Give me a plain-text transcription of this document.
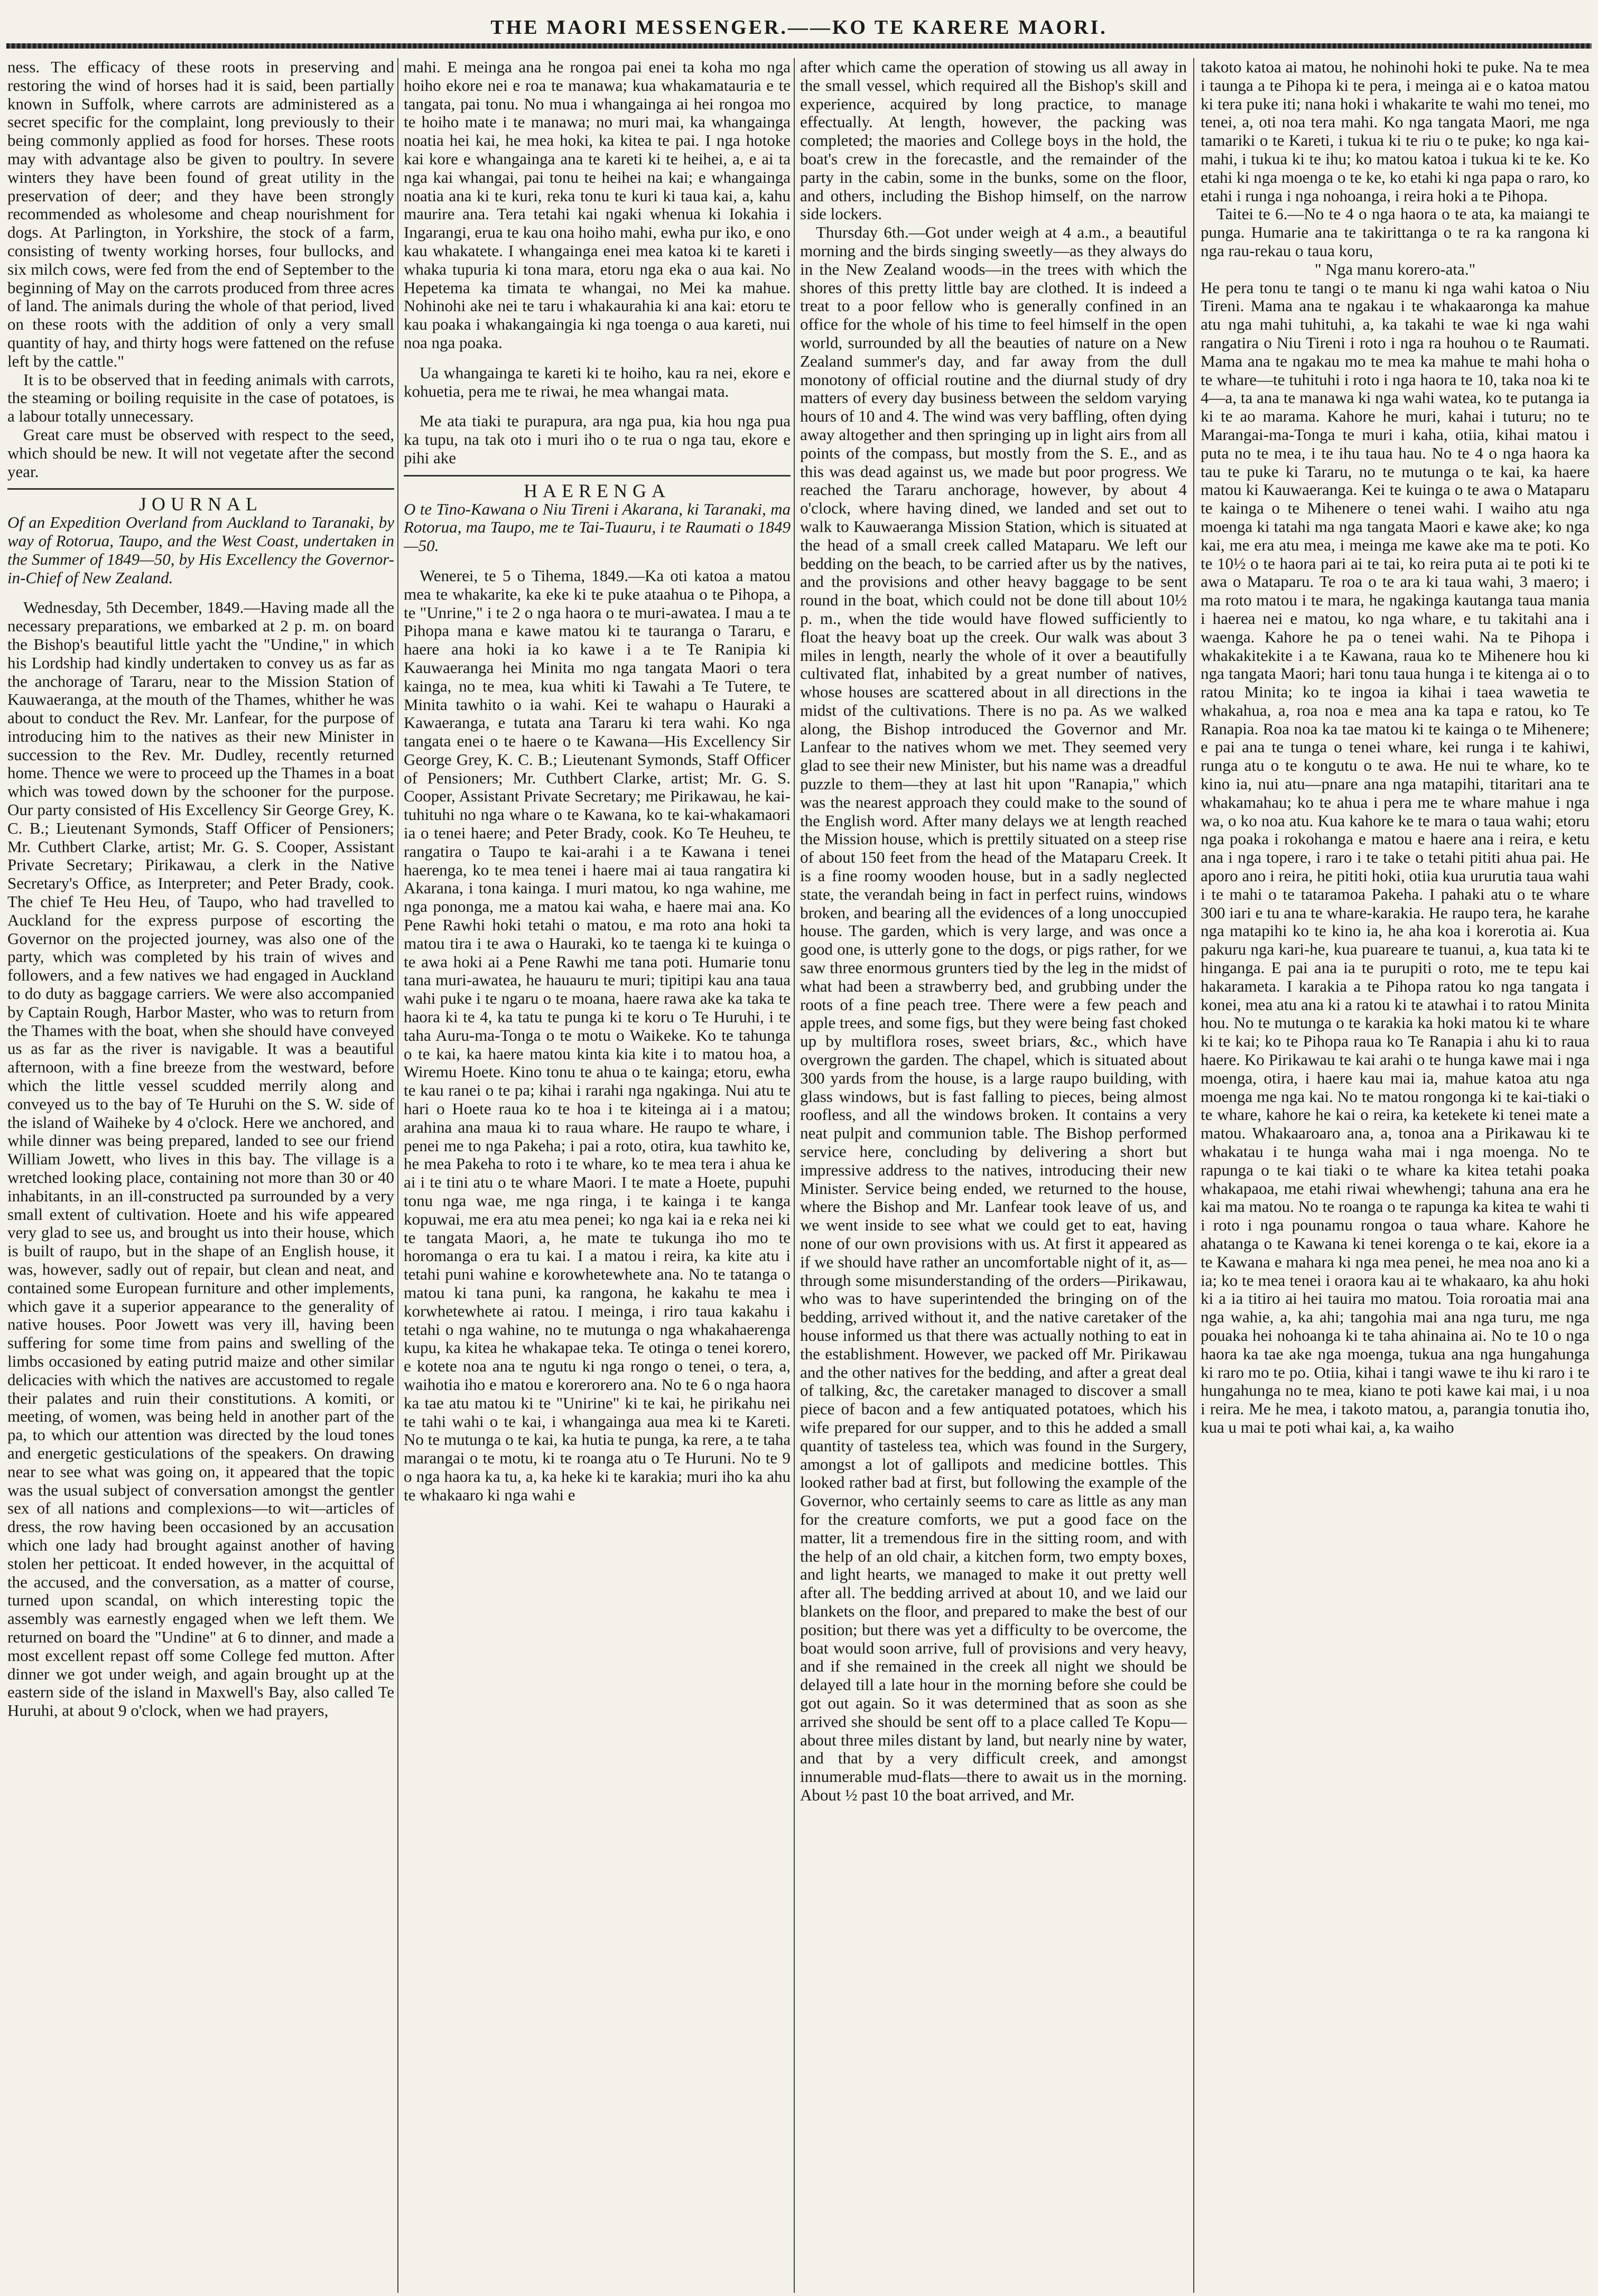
THE MAORI MESSENGER.——KO TE KARERE MAORI.

ness. The efficacy of these roots in preserving and restoring the wind of horses had it is said, been partially known in Suffolk, where carrots are administered as a secret specific for the complaint, long previously to their being commonly applied as food for horses. These roots may with advantage also be given to poultry. In severe winters they have been found of great utility in the preservation of deer; and they have been strongly recommended as wholesome and cheap nourishment for dogs. At Parlington, in Yorkshire, the stock of a farm, consisting of twenty working horses, four bullocks, and six milch cows, were fed from the end of September to the beginning of May on the carrots produced from three acres of land. The animals during the whole of that period, lived on these roots with the addition of only a very small quantity of hay, and thirty hogs were fattened on the refuse left by the cattle."

It is to be observed that in feeding animals with carrots, the steaming or boiling requisite in the case of potatoes, is a labour totally unnecessary.

Great care must be observed with respect to the seed, which should be new. It will not vegetate after the second year.

JOURNAL

Of an Expedition Overland from Auckland to Taranaki, by way of Rotorua, Taupo, and the West Coast, undertaken in the Summer of 1849—50, by His Excellency the Governor-in-Chief of New Zealand.

Wednesday, 5th December, 1849.—Having made all the necessary preparations, we embarked at 2 p. m. on board the Bishop's beautiful little yacht the "Undine," in which his Lordship had kindly undertaken to convey us as far as the anchorage of Tararu, near to the Mission Station of Kauwaeranga, at the mouth of the Thames, whither he was about to conduct the Rev. Mr. Lanfear, for the purpose of introducing him to the natives as their new Minister in succession to the Rev. Mr. Dudley, recently returned home. Thence we were to proceed up the Thames in a boat which was towed down by the schooner for the purpose. Our party consisted of His Excellency Sir George Grey, K. C. B.; Lieutenant Symonds, Staff Officer of Pensioners; Mr. Cuthbert Clarke, artist; Mr. G. S. Cooper, Assistant Private Secretary; Pirikawau, a clerk in the Native Secretary's Office, as Interpreter; and Peter Brady, cook. The chief Te Heu Heu, of Taupo, who had travelled to Auckland for the express purpose of escorting the Governor on the projected journey, was also one of the party, which was completed by his train of wives and followers, and a few natives we had engaged in Auckland to do duty as baggage carriers. We were also accompanied by Captain Rough, Harbor Master, who was to return from the Thames with the boat, when she should have conveyed us as far as the river is navigable. It was a beautiful afternoon, with a fine breeze from the westward, before which the little vessel scudded merrily along and conveyed us to the bay of Te Huruhi on the S. W. side of the island of Waiheke by 4 o'clock. Here we anchored, and while dinner was being prepared, landed to see our friend William Jowett, who lives in this bay. The village is a wretched looking place, containing not more than 30 or 40 inhabitants, in an ill-constructed pa surrounded by a very small extent of cultivation. Hoete and his wife appeared very glad to see us, and brought us into their house, which is built of raupo, but in the shape of an English house, it was, however, sadly out of repair, but clean and neat, and contained some European furniture and other implements, which gave it a superior appearance to the generality of native houses. Poor Jowett was very ill, having been suffering for some time from pains and swelling of the limbs occasioned by eating putrid maize and other similar delicacies with which the natives are accustomed to regale their palates and ruin their constitutions. A komiti, or meeting, of women, was being held in another part of the pa, to which our attention was directed by the loud tones and energetic gesticulations of the speakers. On drawing near to see what was going on, it appeared that the topic was the usual subject of conversation amongst the gentler sex of all nations and complexions—to wit—articles of dress, the row having been occasioned by an accusation which one lady had brought against another of having stolen her petticoat. It ended however, in the acquittal of the accused, and the conversation, as a matter of course, turned upon scandal, on which interesting topic the assembly was earnestly engaged when we left them. We returned on board the "Undine" at 6 to dinner, and made a most excellent repast off some College fed mutton. After dinner we got under weigh, and again brought up at the eastern side of the island in Maxwell's Bay, also called Te Huruhi, at about 9 o'clock, when we had prayers,

mahi. E meinga ana he rongoa pai enei ta koha mo nga hoiho ekore nei e roa te manawa; kua whakamatauria e te tangata, pai tonu. No mua i whangainga ai hei rongoa mo te hoiho mate i te manawa; no muri mai, ka whangainga noatia hei kai, he mea hoki, ka kitea te pai. I nga hotoke kai kore e whangainga ana te kareti ki te heihei, a, e ai ta nga kai whangai, pai tonu te heihei na kai; e whangainga noatia ana ki te kuri, reka tonu te kuri ki taua kai, a, kahu maurire ana. Tera tetahi kai ngaki whenua ki Iokahia i Ingarangi, erua te kau ona hoiho mahi, ewha pur iko, e ono kau whakatete. I whangainga enei mea katoa ki te kareti i whaka tupuria ki tona mara, etoru nga eka o aua kai. No Hepetema ka timata te whangai, no Mei ka mahue. Nohinohi ake nei te taru i whakaurahia ki ana kai: etoru te kau poaka i whakangaingia ki nga toenga o aua kareti, nui noa nga poaka.

Ua whangainga te kareti ki te hoiho, kau ra nei, ekore e kohuetia, pera me te riwai, he mea whangai mata.

Me ata tiaki te purapura, ara nga pua, kia hou nga pua ka tupu, na tak oto i muri iho o te rua o nga tau, ekore e pihi ake

HAERENGA

O te Tino-Kawana o Niu Tireni i Akarana, ki Taranaki, ma Rotorua, ma Taupo, me te Tai-Tuauru, i te Raumati o 1849—50.

Wenerei, te 5 o Tihema, 1849.—Ka oti katoa a matou mea te whakarite, ka eke ki te puke ataahua o te Pihopa, a te "Unrine," i te 2 o nga haora o te muri-awatea. I mau a te Pihopa mana e kawe matou ki te tauranga o Tararu, e haere ana hoki ia ko kawe i a te Te Ranipia ki Kauwaeranga hei Minita mo nga tangata Maori o tera kainga, no te mea, kua whiti ki Tawahi a Te Tutere, te Minita tawhito o ia wahi. Kei te wahapu o Hauraki a Kawaeranga, e tutata ana Tararu ki tera wahi. Ko nga tangata enei o te haere o te Kawana—His Excellency Sir George Grey, K. C. B.; Lieutenant Symonds, Staff Officer of Pensioners; Mr. Cuthbert Clarke, artist; Mr. G. S. Cooper, Assistant Private Secretary; me Pirikawau, he kai-tuhituhi no nga whare o te Kawana, ko te kai-whakamaori ia o tenei haere; and Peter Brady, cook. Ko Te Heuheu, te rangatira o Taupo te kai-arahi i a te Kawana i tenei haerenga, ko te mea tenei i haere mai ai taua rangatira ki Akarana, i tona kainga. I muri matou, ko nga wahine, me nga pononga, me a matou kai waha, e haere mai ana. Ko Pene Rawhi hoki tetahi o matou, e ma roto ana hoki ta matou tira i te awa o Hauraki, ko te taenga ki te kuinga o te awa hoki ai a Pene Rawhi me tana poti. Humarie tonu tana muri-awatea, he hauauru te muri; tipitipi kau ana taua wahi puke i te ngaru o te moana, haere rawa ake ka taka te haora ki te 4, ka tatu te punga ki te koru o Te Huruhi, i te taha Auru-ma-Tonga o te motu o Waikeke. Ko te tahunga o te kai, ka haere matou kinta kia kite i to matou hoa, a Wiremu Hoete. Kino tonu te ahua o te kainga; etoru, ewha te kau ranei o te pa; kihai i rarahi nga ngakinga. Nui atu te hari o Hoete raua ko te hoa i te kiteinga ai i a matou; arahina ana maua ki to raua whare. He raupo te whare, i penei me to nga Pakeha; i pai a roto, otira, kua tawhito ke, he mea Pakeha to roto i te whare, ko te mea tera i ahua ke ai i te tini atu o te whare Maori. I te mate a Hoete, pupuhi tonu nga wae, me nga ringa, i te kainga i te kanga kopuwai, me era atu mea penei; ko nga kai ia e reka nei ki te tangata Maori, a, he mate te tukunga iho mo te horomanga o era tu kai. I a matou i reira, ka kite atu i tetahi puni wahine e korowhetewhete ana. No te tatanga o matou ki tana puni, ka rangona, he kakahu te mea i korwhetewhete ai ratou. I meinga, i riro taua kakahu i tetahi o nga wahine, no te mutunga o nga whakahaerenga kupu, ka kitea he whakapae teka. Te otinga o tenei korero, e kotete noa ana te ngutu ki nga rongo o tenei, o tera, a, waihotia iho e matou e korerorero ana. No te 6 o nga haora ka tae atu matou ki te "Unirine" ki te kai, he pirikahu nei te tahi wahi o te kai, i whangainga aua mea ki te Kareti. No te mutunga o te kai, ka hutia te punga, ka rere, a te taha marangai o te motu, ki te roanga atu o Te Huruni. No te 9 o nga haora ka tu, a, ka heke ki te karakia; muri iho ka ahu te whakaaro ki nga wahi e

after which came the operation of stowing us all away in the small vessel, which required all the Bishop's skill and experience, acquired by long practice, to manage effectually. At length, however, the packing was completed; the maories and College boys in the hold, the boat's crew in the forecastle, and the remainder of the party in the cabin, some in the bunks, some on the floor, and others, including the Bishop himself, on the narrow side lockers.

Thursday 6th.—Got under weigh at 4 a.m., a beautiful morning and the birds singing sweetly—as they always do in the New Zealand woods—in the trees with which the shores of this pretty little bay are clothed. It is indeed a treat to a poor fellow who is generally confined in an office for the whole of his time to feel himself in the open world, surrounded by all the beauties of nature on a New Zealand summer's day, and far away from the dull monotony of official routine and the diurnal study of dry matters of every day business between the seldom varying hours of 10 and 4. The wind was very baffling, often dying away altogether and then springing up in light airs from all points of the compass, but mostly from the S. E., and as this was dead against us, we made but poor progress. We reached the Tararu anchorage, however, by about 4 o'clock, where having dined, we landed and set out to walk to Kauwaeranga Mission Station, which is situated at the head of a small creek called Mataparu. We left our bedding on the beach, to be carried after us by the natives, and the provisions and other heavy baggage to be sent round in the boat, which could not be done till about 10½ p. m., when the tide would have flowed sufficiently to float the heavy boat up the creek. Our walk was about 3 miles in length, nearly the whole of it over a beautifully cultivated flat, inhabited by a great number of natives, whose houses are scattered about in all directions in the midst of the cultivations. There is no pa. As we walked along, the Bishop introduced the Governor and Mr. Lanfear to the natives whom we met. They seemed very glad to see their new Minister, but his name was a dreadful puzzle to them—they at last hit upon "Ranapia," which was the nearest approach they could make to the sound of the English word. After many delays we at length reached the Mission house, which is prettily situated on a steep rise of about 150 feet from the head of the Mataparu Creek. It is a fine roomy wooden house, but in a sadly neglected state, the verandah being in fact in perfect ruins, windows broken, and bearing all the evidences of a long unoccupied house. The garden, which is very large, and was once a good one, is utterly gone to the dogs, or pigs rather, for we saw three enormous grunters tied by the leg in the midst of what had been a strawberry bed, and grubbing under the roots of a fine peach tree. There were a few peach and apple trees, and some figs, but they were being fast choked up by multiflora roses, sweet briars, &c., which have overgrown the garden. The chapel, which is situated about 300 yards from the house, is a large raupo building, with glass windows, but is fast falling to pieces, being almost roofless, and all the windows broken. It contains a very neat pulpit and communion table. The Bishop performed service here, concluding by delivering a short but impressive address to the natives, introducing their new Minister. Service being ended, we returned to the house, where the Bishop and Mr. Lanfear took leave of us, and we went inside to see what we could get to eat, having none of our own provisions with us. At first it appeared as if we should have rather an uncomfortable night of it, as—through some misunderstanding of the orders—Pirikawau, who was to have superintended the bringing on of the bedding, arrived without it, and the native caretaker of the house informed us that there was actually nothing to eat in the establishment. However, we packed off Mr. Pirikawau and the other natives for the bedding, and after a great deal of talking, &c, the caretaker managed to discover a small piece of bacon and a few antiquated potatoes, which his wife prepared for our supper, and to this he added a small quantity of tasteless tea, which was found in the Surgery, amongst a lot of gallipots and medicine bottles. This looked rather bad at first, but following the example of the Governor, who certainly seems to care as little as any man for the creature comforts, we put a good face on the matter, lit a tremendous fire in the sitting room, and with the help of an old chair, a kitchen form, two empty boxes, and light hearts, we managed to make it out pretty well after all. The bedding arrived at about 10, and we laid our blankets on the floor, and prepared to make the best of our position; but there was yet a difficulty to be overcome, the boat would soon arrive, full of provisions and very heavy, and if she remained in the creek all night we should be delayed till a late hour in the morning before she could be got out again. So it was determined that as soon as she arrived she should be sent off to a place called Te Kopu—about three miles distant by land, but nearly nine by water, and that by a very difficult creek, and amongst innumerable mud-flats—there to await us in the morning. About ½ past 10 the boat arrived, and Mr.

takoto katoa ai matou, he nohinohi hoki te puke. Na te mea i taunga a te Pihopa ki te pera, i meinga ai e o katoa matou ki tera puke iti; nana hoki i whakarite te wahi mo tenei, mo tenei, a, oti noa tera mahi. Ko nga tangata Maori, me nga tamariki o te Kareti, i tukua ki te riu o te puke; ko nga kai-mahi, i tukua ki te ihu; ko matou katoa i tukua ki te ke. Ko etahi ki nga moenga o te ke, ko etahi ki nga papa o raro, ko etahi i runga i nga nohoanga, i reira hoki a te Pihopa.

Taitei te 6.—No te 4 o nga haora o te ata, ka maiangi te punga. Humarie ana te takirittanga o te ra ka rangona ki nga rau-rekau o taua koru,

" Nga manu korero-ata."

He pera tonu te tangi o te manu ki nga wahi katoa o Niu Tireni. Mama ana te ngakau i te whakaaronga ka mahue atu nga mahi tuhituhi, a, ka takahi te wae ki nga wahi rangatira o Niu Tireni i roto i nga ra houhou o te Raumati. Mama ana te ngakau mo te mea ka mahue te mahi hoha o te whare—te tuhituhi i roto i nga haora te 10, taka noa ki te 4—a, ta ana te manawa ki nga wahi watea, ko te putanga ia ki te ao marama. Kahore he muri, kahai i tuturu; no te Marangai-ma-Tonga te muri i kaha, otiia, kihai matou i puta no te mea, i te ihu taua hau. No te 4 o nga haora ka tau te puke ki Tararu, no te mutunga o te kai, ka haere matou ki Kauwaeranga. Kei te kuinga o te awa o Mataparu te kainga o te Mihenere o tenei wahi. I waiho atu nga moenga ki tatahi ma nga tangata Maori e kawe ake; ko nga kai, me era atu mea, i meinga me kawe ake ma te poti. Ko te 10½ o te haora pari ai te tai, ko reira puta ai te poti ki te awa o Mataparu. Te roa o te ara ki taua wahi, 3 maero; i ma roto matou i te mara, he ngakinga kautanga taua mania i haerea nei e matou, ko nga whare, e tu takitahi ana i waenga. Kahore he pa o tenei wahi. Na te Pihopa i whakakitekite i a te Kawana, raua ko te Mihenere hou ki nga tangata Maori; hari tonu taua hunga i te kitenga ai o to ratou Minita; ko te ingoa ia kihai i taea wawetia te whakahua, a, roa noa e mea ana ka tapa e ratou, ko Te Ranapia. Roa noa ka tae matou ki te kainga o te Mihenere; e pai ana te tunga o tenei whare, kei runga i te kahiwi, runga atu o te kongutu o te awa. He nui te whare, ko te kino ia, nui atu—pnare ana nga matapihi, titaritari ana te whakamahau; ko te ahua i pera me te whare mahue i nga wa, o ko noa atu. Kua kahore ke te mara o taua wahi; etoru nga poaka i rokohanga e matou e haere ana i reira, e ketu ana i nga topere, i raro i te take o tetahi pititi ahua pai. He aporo ano i reira, he pititi hoki, otiia kua ururutia taua wahi i te mahi o te tataramoa Pakeha. I pahaki atu o te whare 300 iari e tu ana te whare-karakia. He raupo tera, he karahe nga matapihi ko te kino ia, he aha koa i korerotia ai. Kua pakuru nga kari-he, kua puareare te tuanui, a, kua tata ki te hinganga. E pai ana ia te purupiti o roto, me te tepu kai hakarameta. I karakia a te Pihopa ratou ko nga tangata i konei, mea atu ana ki a ratou ki te atawhai i to ratou Minita hou. No te mutunga o te karakia ka hoki matou ki te whare ki te kai; ko te Pihopa raua ko Te Ranapia i ahu ki to raua haere. Ko Pirikawau te kai arahi o te hunga kawe mai i nga moenga, otira, i haere kau mai ia, mahue katoa atu nga moenga me nga kai. No te matou rongonga ki te kai-tiaki o te whare, kahore he kai o reira, ka ketekete ki tenei mate a matou. Whakaaroaro ana, a, tonoa ana a Pirikawau ki te whakatau i te hunga waha mai i nga moenga. No te rapunga o te kai tiaki o te whare ka kitea tetahi poaka whakapaoa, me etahi riwai whewhengi; tahuna ana era he kai ma matou. No te roanga o te rapunga ka kitea te wahi ti i roto i nga pounamu rongoa o taua whare. Kahore he ahatanga o te Kawana ki tenei korenga o te kai, ekore ia a te Kawana e mahara ki nga mea penei, he mea noa ano ki a ia; ko te mea tenei i oraora kau ai te whakaaro, ka ahu hoki ki a ia titiro ai hei tauira mo matou. Toia roroatia mai ana nga wahie, a, ka ahi; tangohia mai ana nga turu, me nga pouaka hei nohoanga ki te taha ahinaina ai. No te 10 o nga haora ka tae ake nga moenga, tukua ana nga hungahunga ki raro mo te po. Otiia, kihai i tangi wawe te ihu ki raro i te hungahunga no te mea, kiano te poti kawe kai mai, i u noa i reira. Me he mea, i takoto matou, a, parangia tonutia iho, kua u mai te poti whai kai, a, ka waiho
